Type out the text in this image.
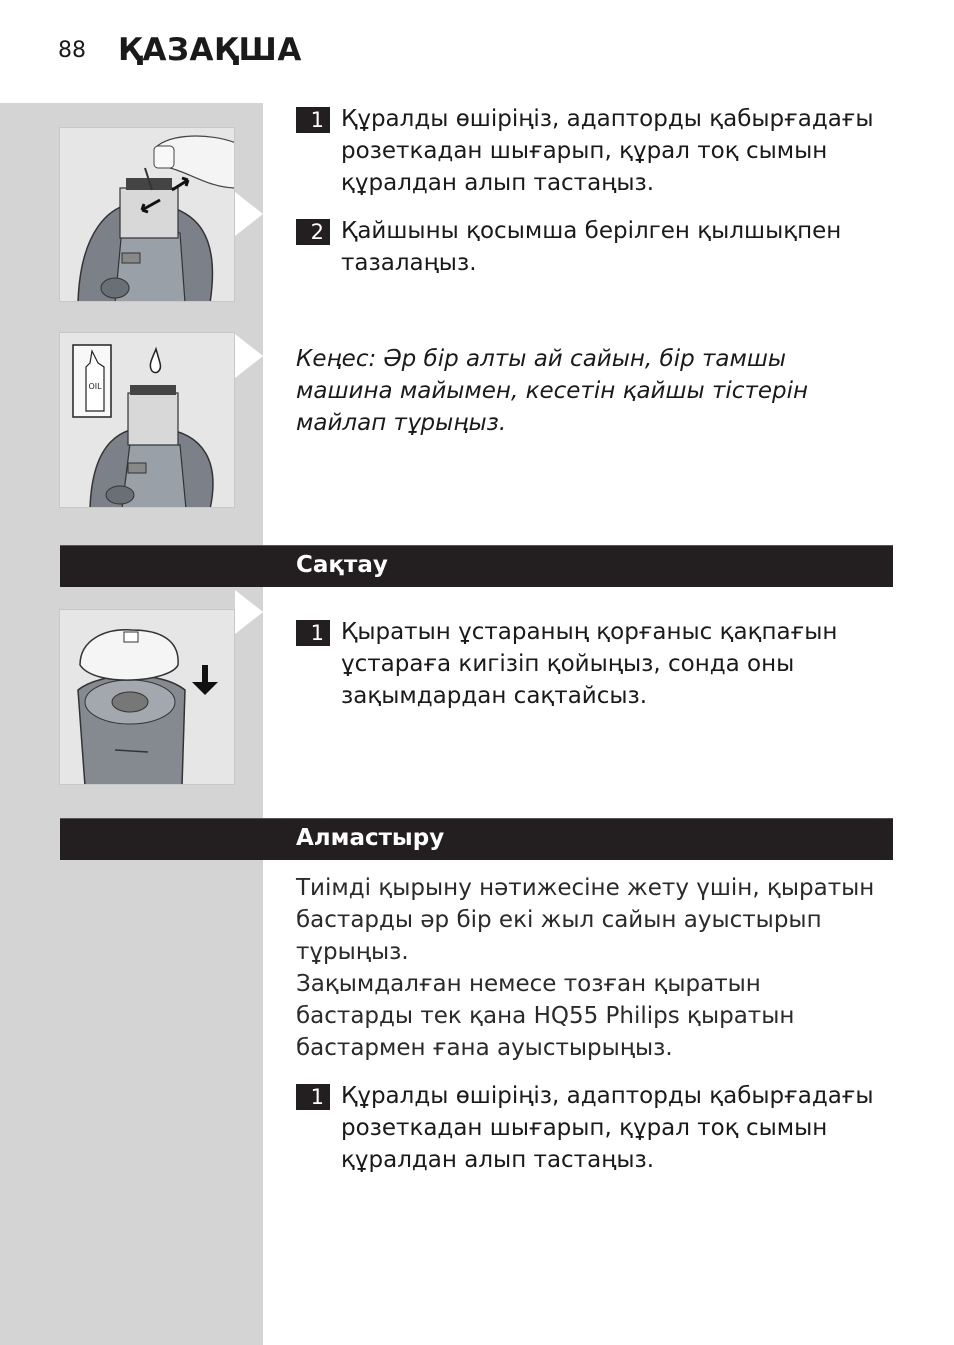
88 ҚАЗАҚША
OIL
1 Құралды өшіріңіз, адапторды қабырғадағы розеткадан шығарып, құрал тоқ сымын құралдан алып тастаңыз.
2 Қайшыны қосымша берілген қылшықпен тазалаңыз.
Кеңес: Әр бір алты ай сайын, бір тамшы машина майымен, кесетін қайшы тістерін майлап тұрыңыз.
Сақтау
1 Қыратын ұстараның қорғаныс қақпағын ұстараға кигізіп қойыңыз, сонда оны зақымдардан сақтайсыз.
Алмастыру
Тиімді қырыну нәтижесіне жету үшін, қыратын бастарды әр бір екі жыл сайын ауыстырып тұрыңыз.
Зақымдалған немесе тозған қыратын бастарды тек қана HQ55 Philips қыратын бастармен ғана ауыстырыңыз.
1 Құралды өшіріңіз, адапторды қабырғадағы розеткадан шығарып, құрал тоқ сымын құралдан алып тастаңыз.
